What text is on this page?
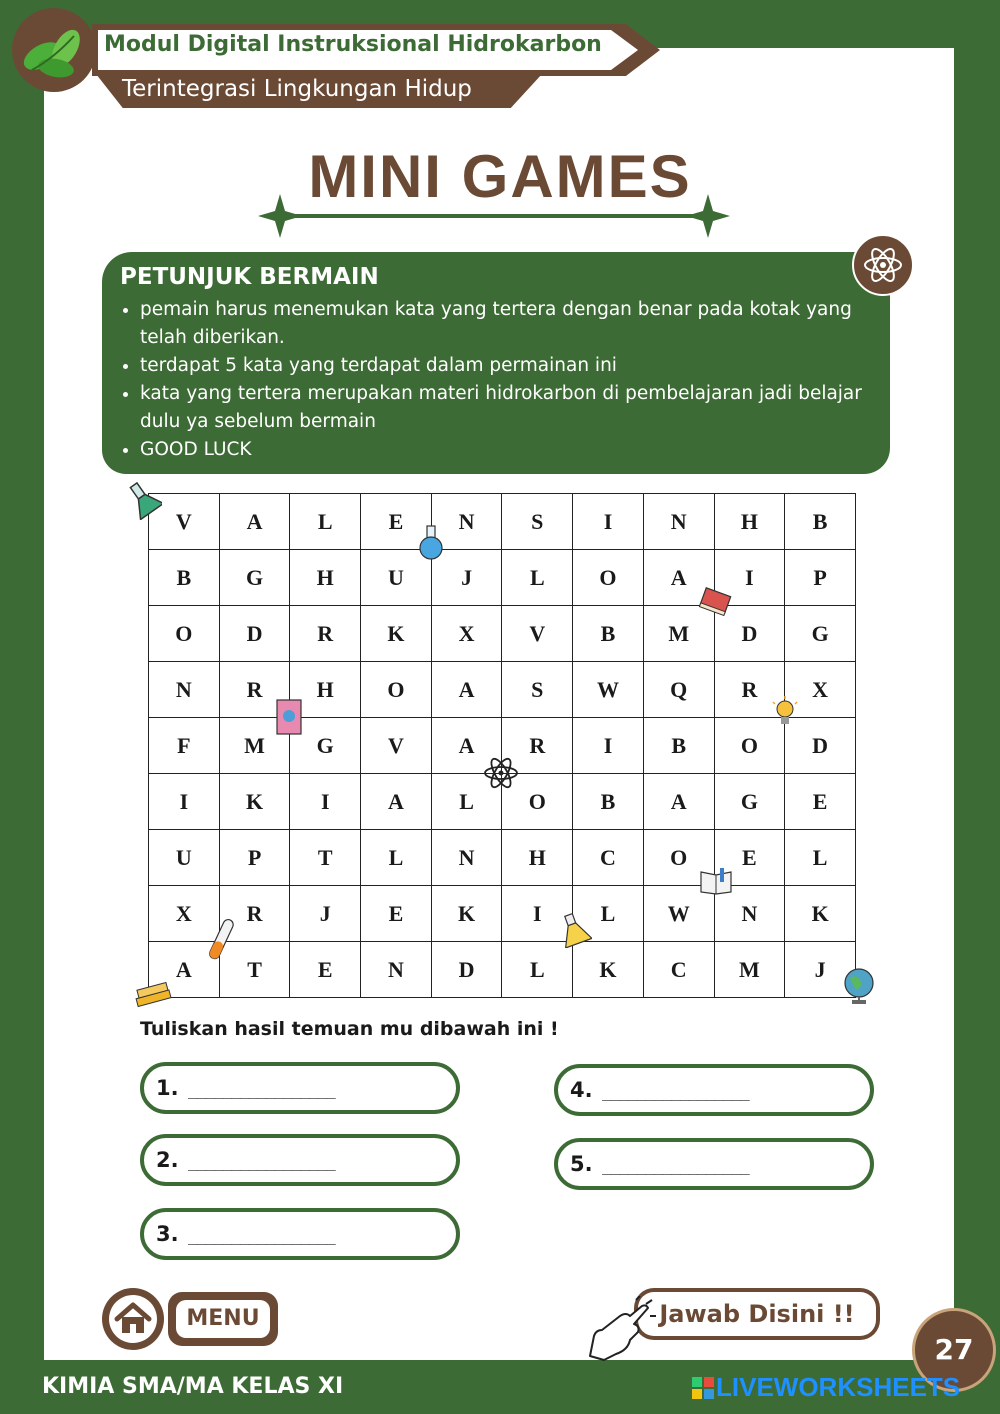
Modul Digital Instruksional Hidrokarbon
Terintegrasi Lingkungan Hidup
MINI GAMES
PETUNJUK BERMAIN
• pemain harus menemukan kata yang tertera dengan benar pada kotak yang telah diberikan.
• terdapat 5 kata yang terdapat dalam permainan ini
• kata yang tertera merupakan materi hidrokarbon di pembelajaran jadi belajar dulu ya sebelum bermain
• GOOD LUCK
V	A	L	E	N	S	I	N	H	B
B	G	H	U	J	L	O	A	I	P
O	D	R	K	X	V	B	M	D	G
N	R	H	O	A	S	W	Q	R	X
F	M	G	V	A	R	I	B	O	D
I	K	I	A	L	O	B	A	G	E
U	P	T	L	N	H	C	O	E	L
X	R	J	E	K	I	L	W	N	K
A	T	E	N	D	L	K	C	M	J
Tuliskan hasil temuan mu dibawah ini !
1. _________________
2. _________________
3. _________________
4. _________________
5. _________________
MENU	Jawab Disini !!
27
KIMIA SMA/MA KELAS XI	LIVEWORKSHEETS
